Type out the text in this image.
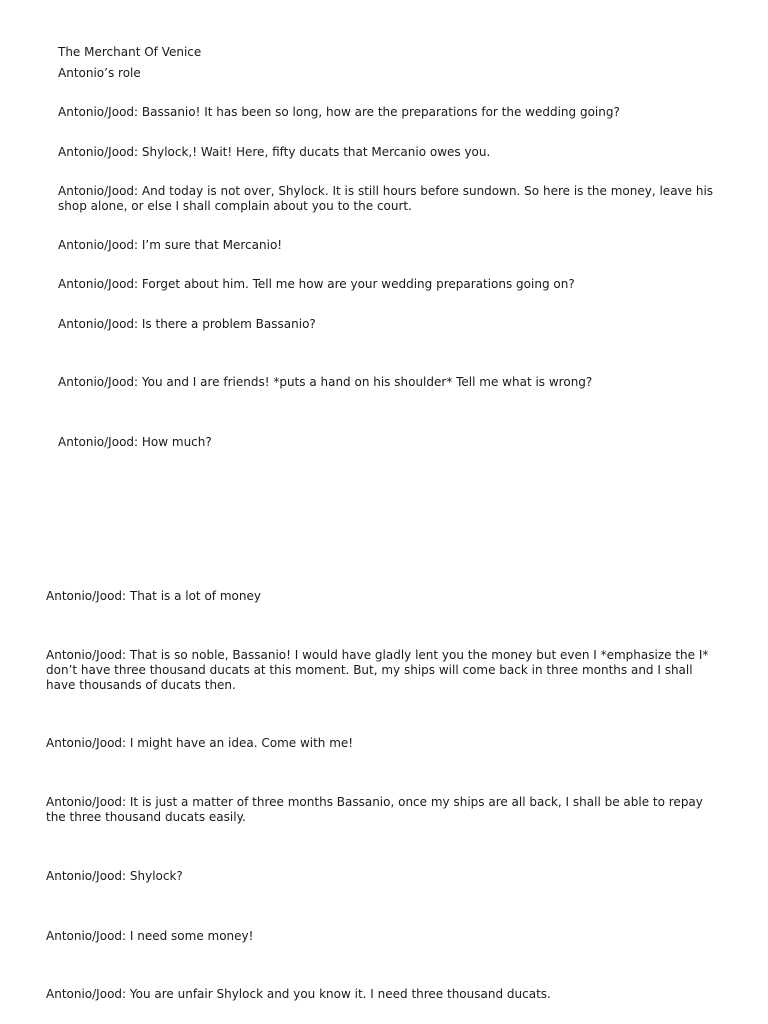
The Merchant Of Venice

Antonio’s role

Antonio/Jood: Bassanio! It has been so long, how are the preparations for the wedding going?

Antonio/Jood: Shylock,! Wait! Here, fifty ducats that Mercanio owes you.

Antonio/Jood: And today is not over, Shylock. It is still hours before sundown. So here is the money, leave his shop alone, or else I shall complain about you to the court.

Antonio/Jood: I’m sure that Mercanio!

Antonio/Jood: Forget about him. Tell me how are your wedding preparations going on?

Antonio/Jood: Is there a problem Bassanio?

Antonio/Jood: You and I are friends! *puts a hand on his shoulder* Tell me what is wrong?

Antonio/Jood: How much?

Antonio/Jood: That is a lot of money

Antonio/Jood: That is so noble, Bassanio! I would have gladly lent you the money but even I *emphasize the I* don’t have three thousand ducats at this moment. But, my ships will come back in three months and I shall have thousands of ducats then.

Antonio/Jood: I might have an idea. Come with me!

Antonio/Jood: It is just a matter of three months Bassanio, once my ships are all back, I shall be able to repay the three thousand ducats easily.

Antonio/Jood: Shylock?

Antonio/Jood: I need some money!

Antonio/Jood: You are unfair Shylock and you know it. I need three thousand ducats.
